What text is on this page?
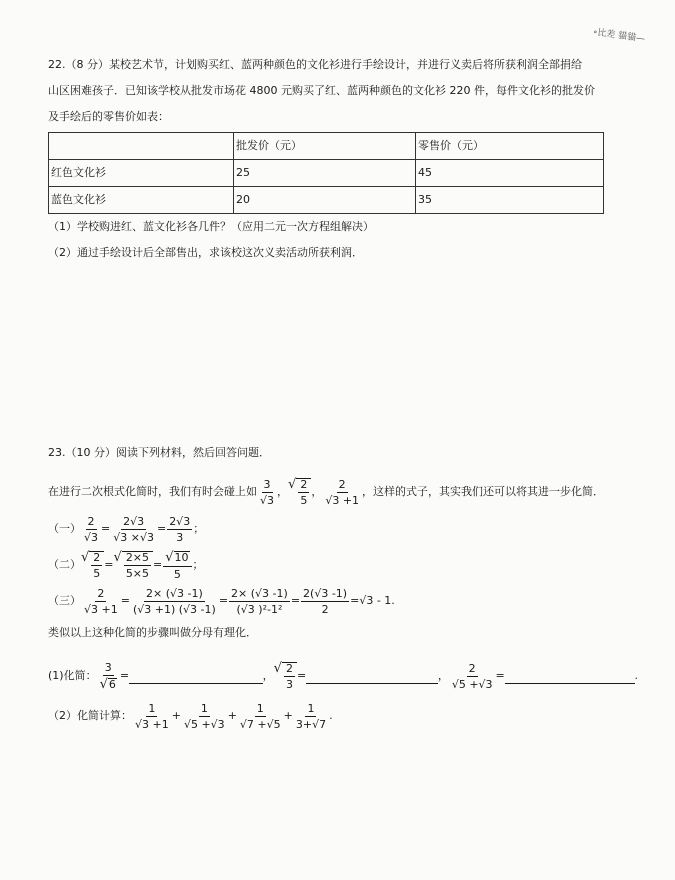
∘比差 貓貓—
22.（8 分）某校艺术节，计划购买红、蓝两种颜色的文化衫进行手绘设计，并进行义卖后将所获利润全部捐给
山区困难孩子．已知该学校从批发市场花 4800 元购买了红、蓝两种颜色的文化衫 220 件，每件文化衫的批发价
及手绘后的零售价如表：
	批发价（元）	零售价（元）
红色文化衫	25	45
蓝色文化衫	20	35
（1）学校购进红、蓝文化衫各几件？（应用二元一次方程组解决）
（2）通过手绘设计后全部售出，求该校这次义卖活动所获利润．
23.（10 分）阅读下列材料，然后回答问题．
在进行二次根式化简时，我们有时会碰上如 $\frac{3}{√3}$ ， √ $\frac{2}{5}$ ， $\frac{2}{√3 +1}$ ，这样的式子，其实我们还可以将其进一步化简．
（一） $\frac{2}{√3} = \frac{2√3}{√3 \times√3} = \frac{2√3}{3}$ ；
（二） √ $\frac{2}{5}$ = √ $\frac{2\times 5}{5\times 5} = \frac{√ 10}{5}$ ；
（三） $\frac{2}{√3 +1} = \frac{2\times (√3 -1)}{(√3 +1) (√3 -1)} = \frac{2\times (√3 -1)}{\text{(√3 )²-1²}} = \frac{2(√3 -1)}{2} = √3 - 1$.
类似以上这种化简的步骤叫做分母有理化．
(1)化简： $\frac{3}{√ 6}$ =	， √ $\frac{2}{3}$ =	， $\frac{2}{√5 +√3}$ =	.
（2）化简计算： $\frac{1}{√3 +1} + \frac{1}{√5 +√3} + \frac{1}{√7 +√5} + \frac{1}{3+√7}$ .
